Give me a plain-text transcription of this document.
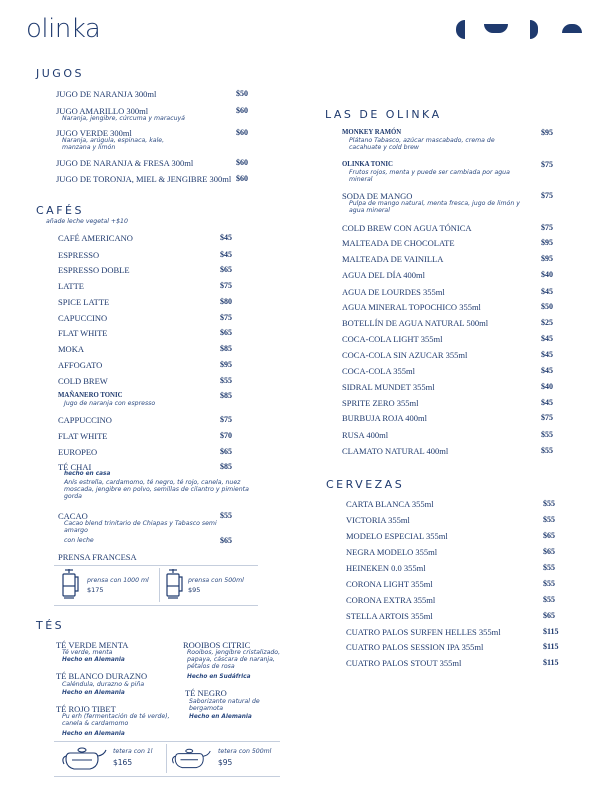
olinka
JUGOS
JUGO DE NARANJA 300ml	$50
JUGO AMARILLO 300ml	$60
Naranja, jengibre, cúrcuma y maracuyá
JUGO VERDE 300ml	$60
Naranja, arúgula, espinaca, kale, manzana y limón
JUGO DE NARANJA & FRESA 300ml	$60
JUGO DE TORONJA, MIEL & JENGIBRE 300ml $60
CAFÉS
añade leche vegetal +$10
CAFÉ AMERICANO	$45
ESPRESSO	$45
ESPRESSO DOBLE	$65
LATTE	$75
SPICE LATTE	$80
CAPUCCINO	$75
FLAT WHITE	$65
MOKA	$85
AFFOGATO	$95
COLD BREW	$55
MAÑANERO TONIC	$85
CAPPUCCINO	$75
FLAT WHITE	$70
EUROPEO	$65
TÉ CHAI	$85
CACAO	$55
PRENSA FRANCESA
Jugo de naranja con espresso
hecho en casa
Anís estrella, cardamomo, té negro, té rojo, canela, nuez moscada, jengibre en polvo, semillas de cilantro y pimienta gorda
Cacao blend trinitario de Chiapas y Tabasco semi amargo
con leche	$65
prensa con 1000 ml
$175
prensa con 500ml
$95
TÉS
TÉ VERDE MENTA
Té verde, menta
Hecho en Alemania
TÉ BLANCO DURAZNO
Caléndula, durazno & piña
Hecho en Alemania
TÉ ROJO TIBET
Pu erh (fermentación de té verde), canela & cardamomo
Hecho en Alemania
ROOIBOS CITRIC
Rooibos, jengibre cristalizado, papaya, cáscara de naranja, pétalos de rosa
Hecho en Sudáfrica
TÉ NEGRO
Saborizante natural de bergamota
Hecho en Alemania
tetera con 1l
$165
tetera con 500ml
$95
LAS DE OLINKA
MONKEY RAMÓN	$95
Plátano Tabasco, azúcar mascabado, crema de cacahuate y cold brew
OLINKA TONIC	$75
Frutos rojos, menta y puede ser cambiada por agua mineral
SODA DE MANGO	$75
Pulpa de mango natural, menta fresca, jugo de limón y agua mineral
COLD BREW CON AGUA TÓNICA	$75
MALTEADA DE CHOCOLATE	$95
MALTEADA DE VAINILLA	$95
AGUA DEL DÍA 400ml	$40
AGUA DE LOURDES 355ml	$45
AGUA MINERAL TOPOCHICO 355ml	$50
BOTELLÍN DE AGUA NATURAL 500ml	$25
COCA-COLA LIGHT 355ml	$45
COCA-COLA SIN AZUCAR 355ml	$45
COCA-COLA 355ml	$45
SIDRAL MUNDET 355ml	$40
SPRITE ZERO 355ml	$45
BURBUJA ROJA 400ml	$75
RUSA 400ml	$55
CLAMATO NATURAL 400ml	$55
CERVEZAS
CARTA BLANCA 355ml	$55
VICTORIA 355ml	$55
MODELO ESPECIAL 355ml	$65
NEGRA MODELO 355ml	$65
HEINEKEN 0.0 355ml	$55
CORONA LIGHT 355ml	$55
CORONA EXTRA 355ml	$55
STELLA ARTOIS 355ml	$65
CUATRO PALOS SURFEN HELLES 355ml	$115
CUATRO PALOS SESSION IPA 355ml	$115
CUATRO PALOS STOUT 355ml	$115
